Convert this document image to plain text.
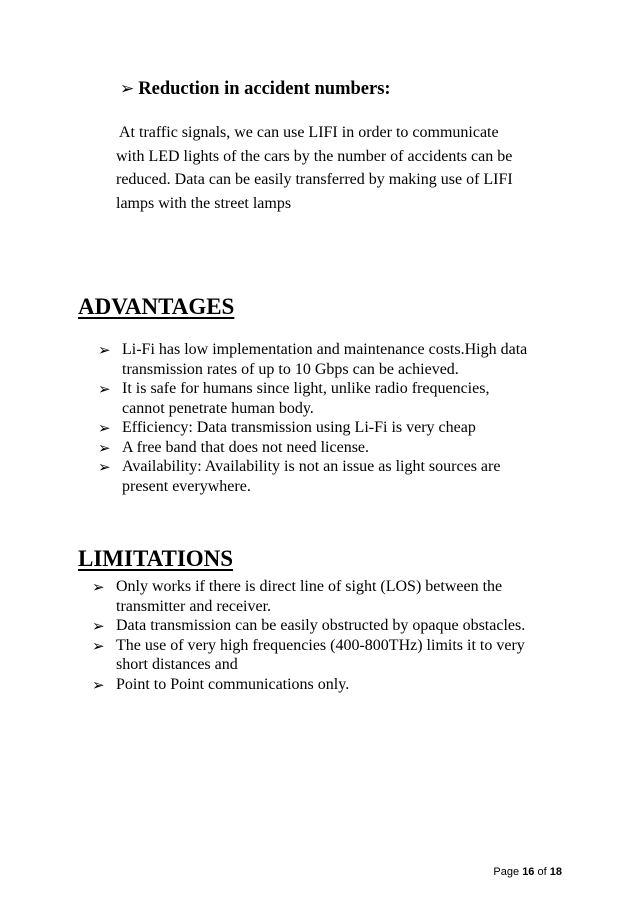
➢ Reduction in accident numbers:
At traffic signals, we can use LIFI in order to communicate
with LED lights of the cars by the number of accidents can be
reduced. Data can be easily transferred by making use of LIFI
lamps with the street lamps
ADVANTAGES
➢ Li-Fi has low implementation and maintenance costs.High data
transmission rates of up to 10 Gbps can be achieved.
➢ It is safe for humans since light, unlike radio frequencies,
cannot penetrate human body.
➢ Efficiency: Data transmission using Li-Fi is very cheap
➢ A free band that does not need license.
➢ Availability: Availability is not an issue as light sources are
present everywhere.
LIMITATIONS
➢ Only works if there is direct line of sight (LOS) between the
transmitter and receiver.
➢ Data transmission can be easily obstructed by opaque obstacles.
➢ The use of very high frequencies (400-800THz) limits it to very
short distances and
➢ Point to Point communications only.
Page 16 of 18
